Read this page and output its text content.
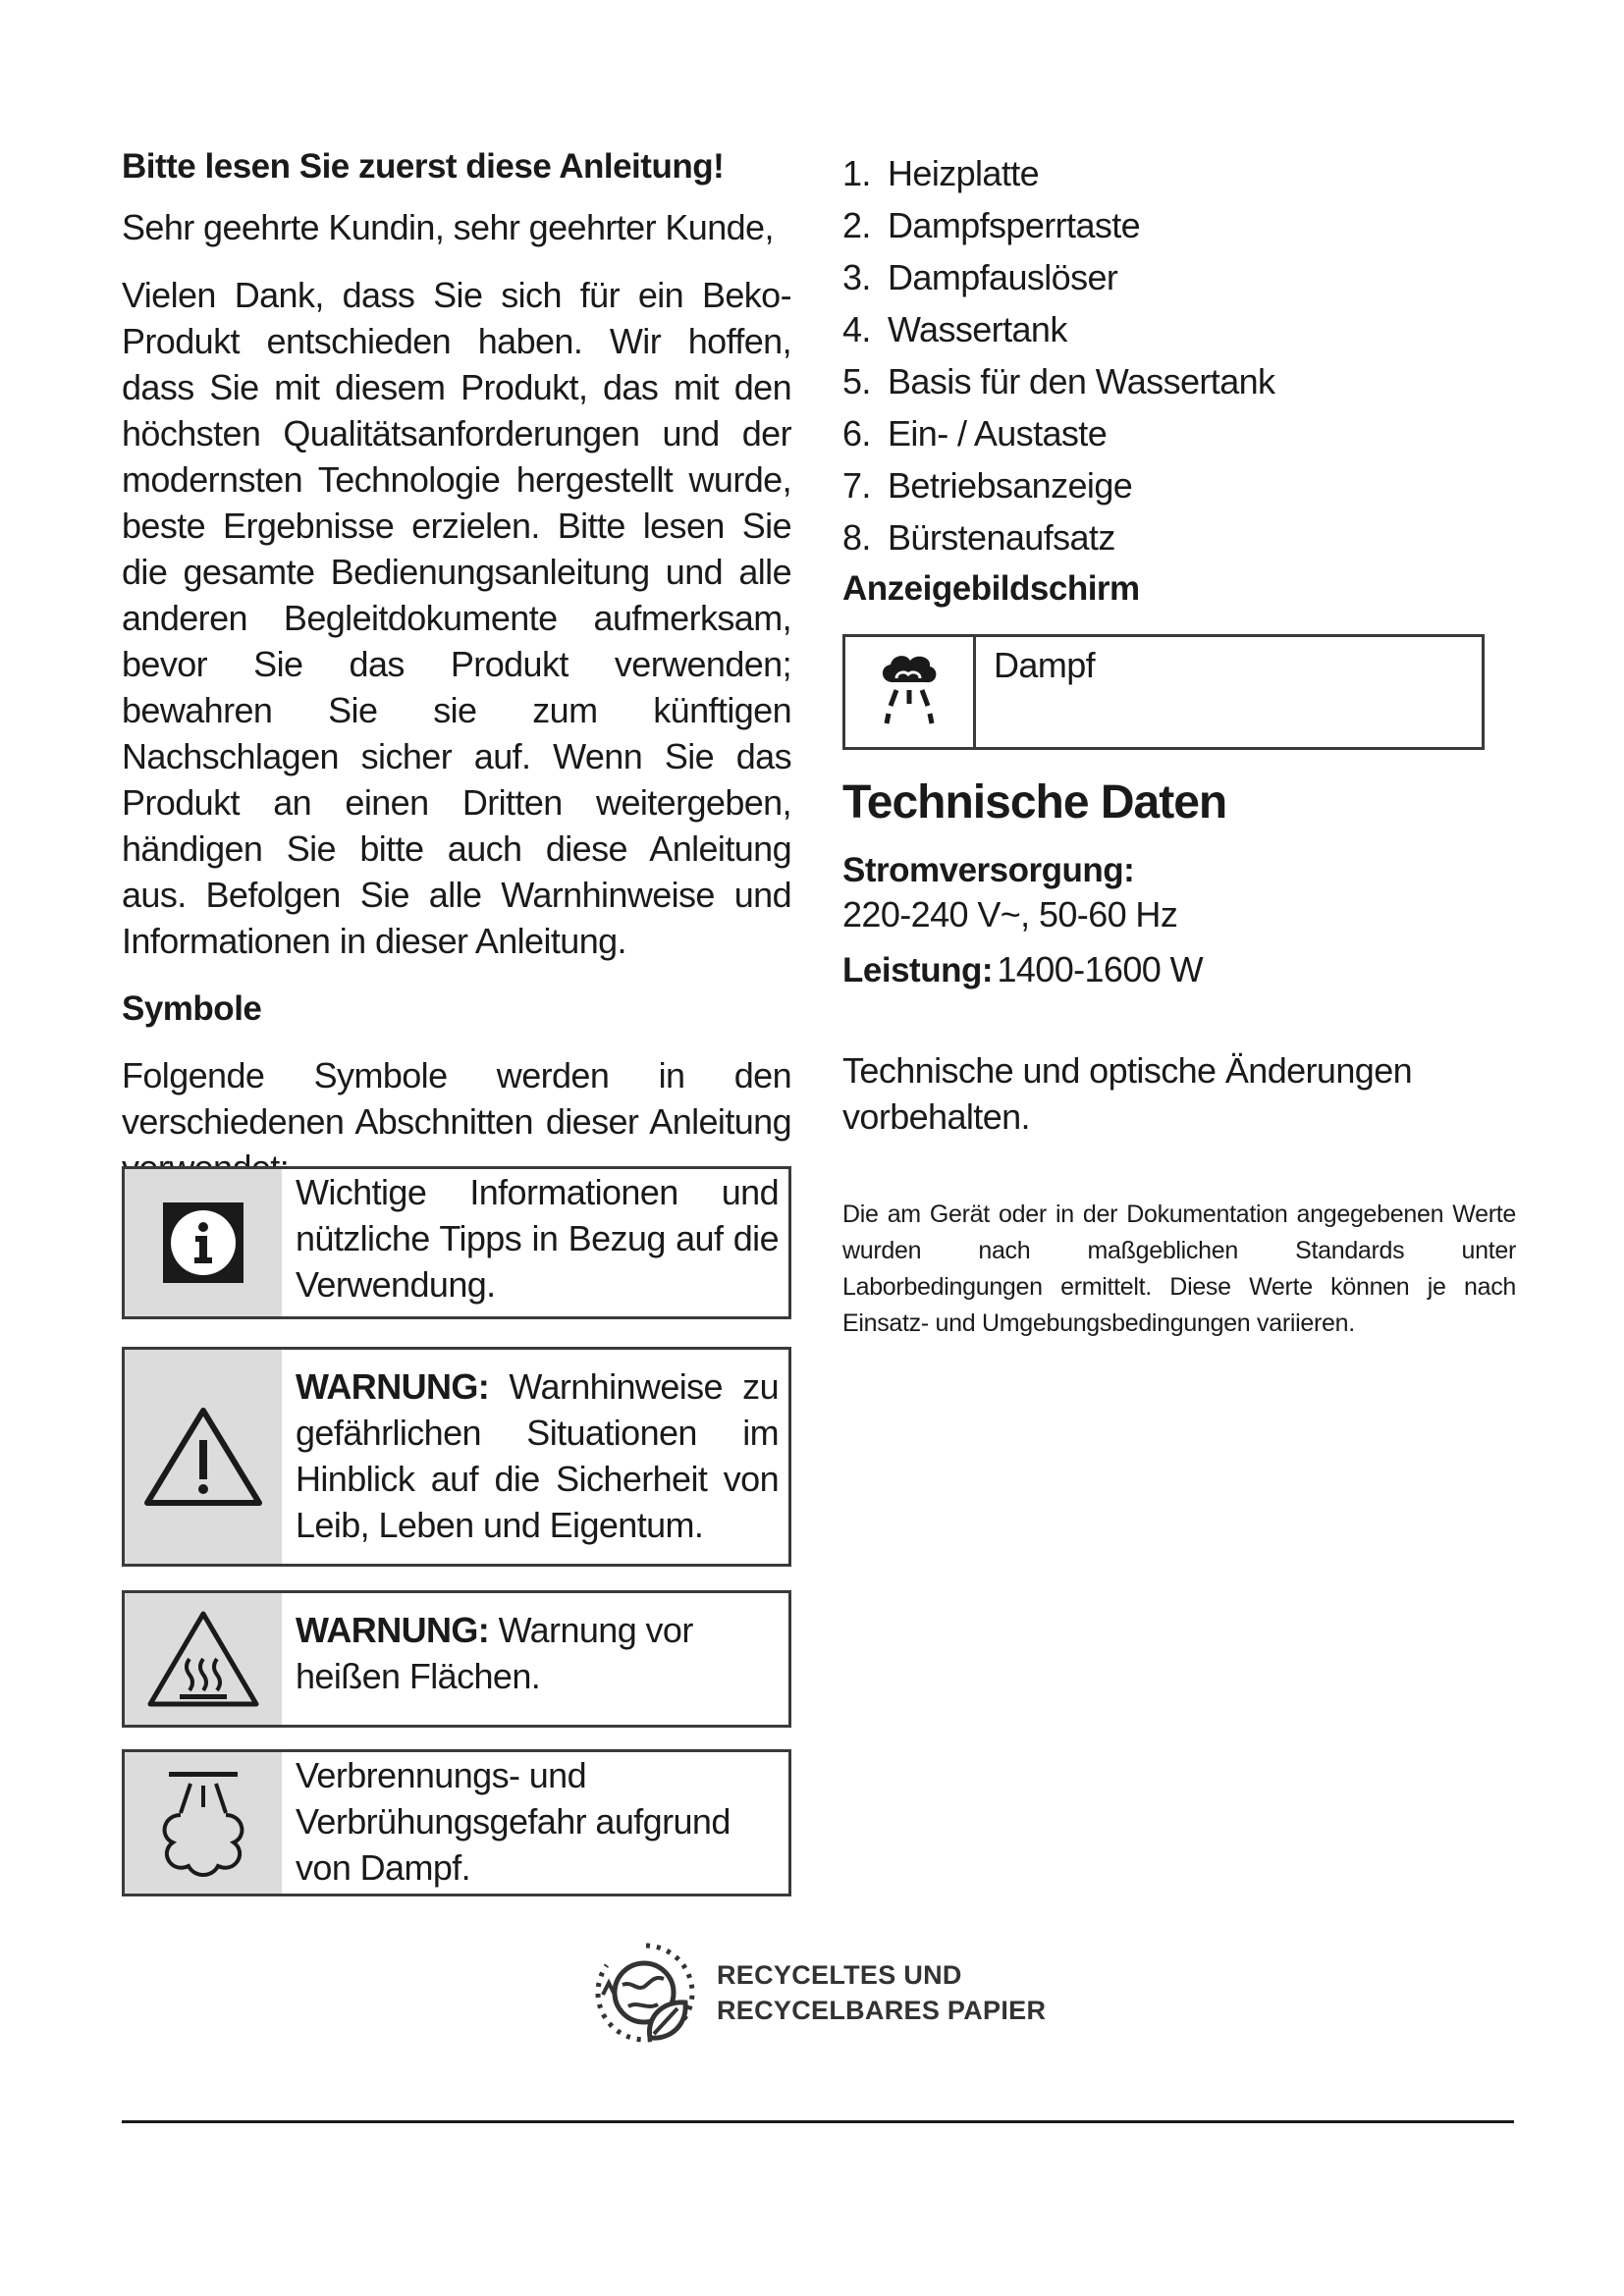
Bitte lesen Sie zuerst diese Anleitung!

Sehr geehrte Kundin, sehr geehrter Kunde,

Vielen Dank, dass Sie sich für ein Beko-Produkt entschieden haben. Wir hoffen, dass Sie mit diesem Produkt, das mit den höchsten Qualitätsanforderungen und der modernsten Technologie hergestellt wurde, beste Ergebnisse erzielen. Bitte lesen Sie die gesamte Bedienungsanleitung und alle anderen Begleitdokumente aufmerksam, bevor Sie das Produkt verwenden; bewahren Sie sie zum künftigen Nachschlagen sicher auf. Wenn Sie das Produkt an einen Dritten weitergeben, händigen Sie bitte auch diese Anleitung aus. Befolgen Sie alle Warnhinweise und Informationen in dieser Anleitung.

Symbole

Folgende Symbole werden in den verschiedenen Abschnitten dieser Anleitung

Wichtige Informationen und nützliche Tipps in Bezug auf die Verwendung.
WARNUNG: Warnhinweise zu gefährlichen Situationen im Hinblick auf die Sicherheit von Leib, Leben und Eigentum.
WARNUNG: Warnung vor heißen Flächen.
Verbrennungs- und Verbrühungsgefahr aufgrund von Dampf.
1. Heizplatte
2. Dampfsperrtaste
3. Dampfauslöser
4. Wassertank
5. Basis für den Wassertank
6. Ein- / Austaste
7. Betriebsanzeige
8. Bürstenaufsatz

Anzeigebildschirm

Dampf

Technische Daten

Stromversorgung:
220-240 V~, 50-60 Hz
Leistung: 1400-1600 W
Technische und optische Änderungen vorbehalten.
Die am Gerät oder in der Dokumentation angegebenen Werte wurden nach maßgeblichen Standards unter Laborbedingungen ermittelt. Diese Werte können je nach Einsatz- und Umgebungsbedingungen variieren.
RECYCELTES UND
RECYCELBARES PAPIER
